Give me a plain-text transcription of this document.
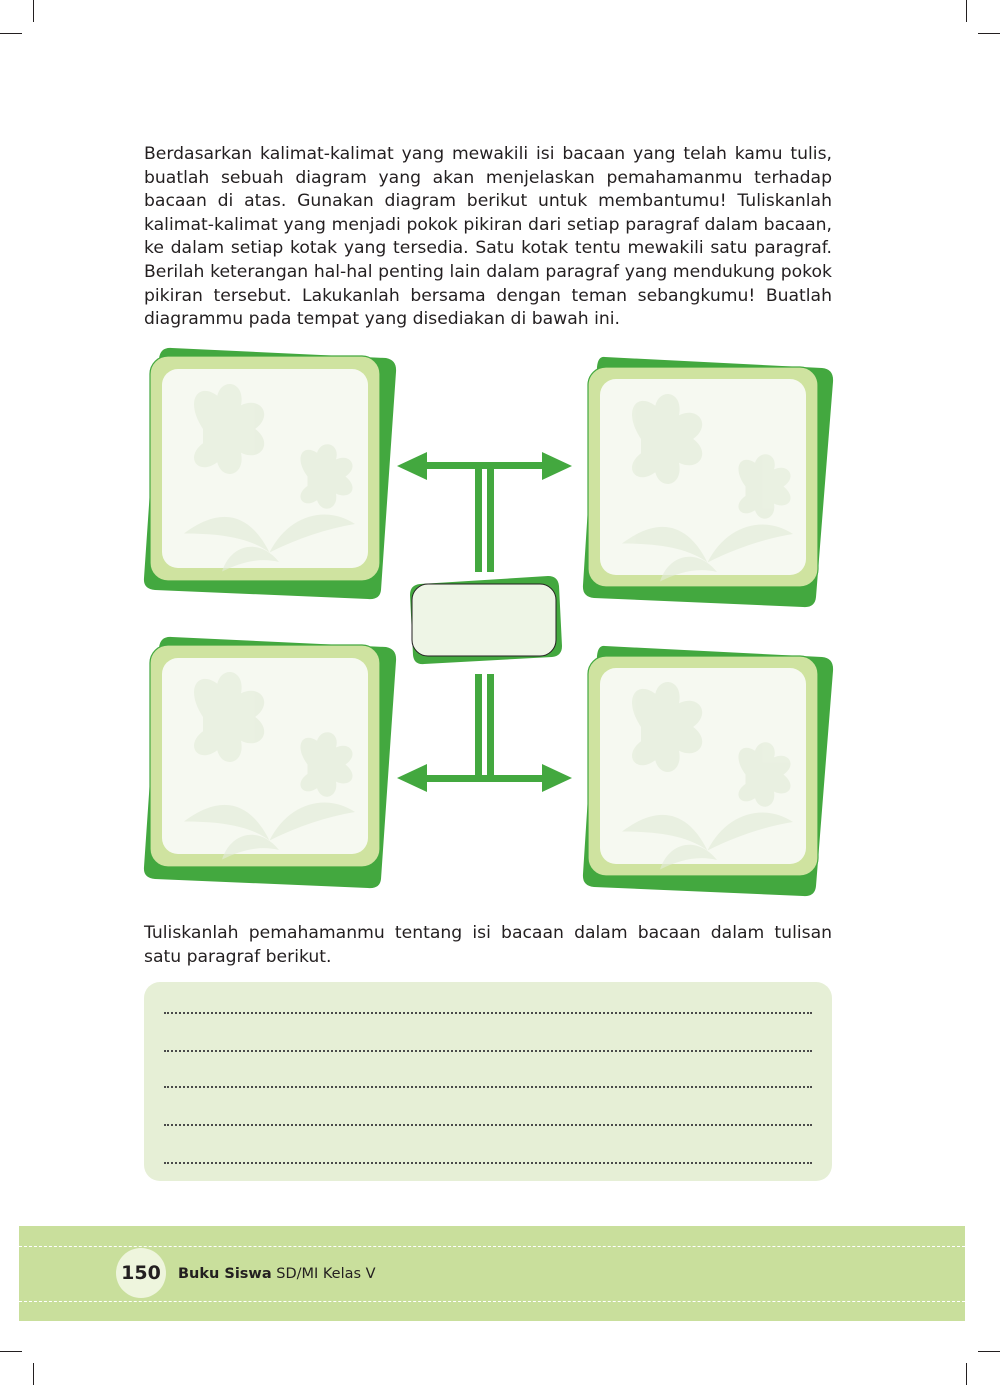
Berdasarkan kalimat-kalimat yang mewakili isi bacaan yang telah kamu tulis, buatlah sebuah diagram yang akan menjelaskan pemahamanmu terhadap bacaan di atas. Gunakan diagram berikut untuk membantumu! Tuliskanlah kalimat-kalimat yang menjadi pokok pikiran dari setiap paragraf dalam bacaan, ke dalam setiap kotak yang tersedia. Satu kotak tentu mewakili satu paragraf. Berilah keterangan hal-hal penting lain dalam paragraf yang mendukung pokok pikiran tersebut. Lakukanlah bersama dengan teman sebangkumu! Buatlah diagrammu pada tempat yang disediakan di bawah ini.

Tuliskanlah pemahamanmu tentang isi bacaan dalam bacaan dalam tulisan satu paragraf berikut.

150	Buku Siswa SD/MI Kelas V
